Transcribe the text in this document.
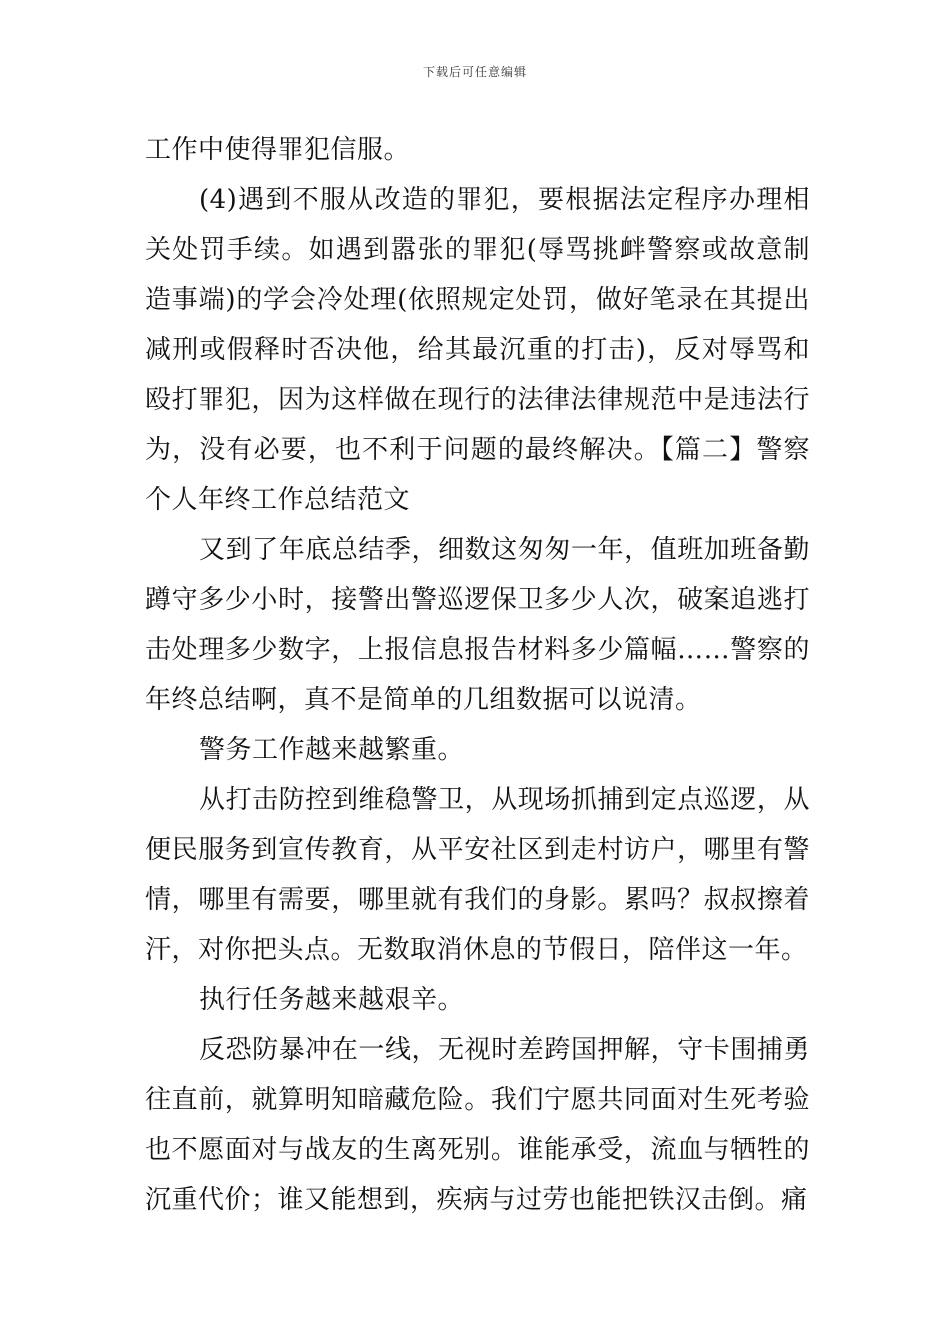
下载后可任意编辑

工作中使得罪犯信服。

(4)遇到不服从改造的罪犯，要根据法定程序办理相关处罚手续。如遇到嚣张的罪犯(辱骂挑衅警察或故意制造事端)的学会冷处理(依照规定处罚，做好笔录在其提出减刑或假释时否决他，给其最沉重的打击)，反对辱骂和殴打罪犯，因为这样做在现行的法律法律规范中是违法行为，没有必要，也不利于问题的最终解决。【篇二】警察个人年终工作总结范文

又到了年底总结季，细数这匆匆一年，值班加班备勤蹲守多少小时，接警出警巡逻保卫多少人次，破案追逃打击处理多少数字，上报信息报告材料多少篇幅……警察的年终总结啊，真不是简单的几组数据可以说清。

警务工作越来越繁重。

从打击防控到维稳警卫，从现场抓捕到定点巡逻，从便民服务到宣传教育，从平安社区到走村访户，哪里有警情，哪里有需要，哪里就有我们的身影。累吗？叔叔擦着汗，对你把头点。无数取消休息的节假日，陪伴这一年。

执行任务越来越艰辛。

反恐防暴冲在一线，无视时差跨国押解，守卡围捕勇往直前，就算明知暗藏危险。我们宁愿共同面对生死考验也不愿面对与战友的生离死别。谁能承受，流血与牺牲的沉重代价；谁又能想到，疾病与过劳也能把铁汉击倒。痛
